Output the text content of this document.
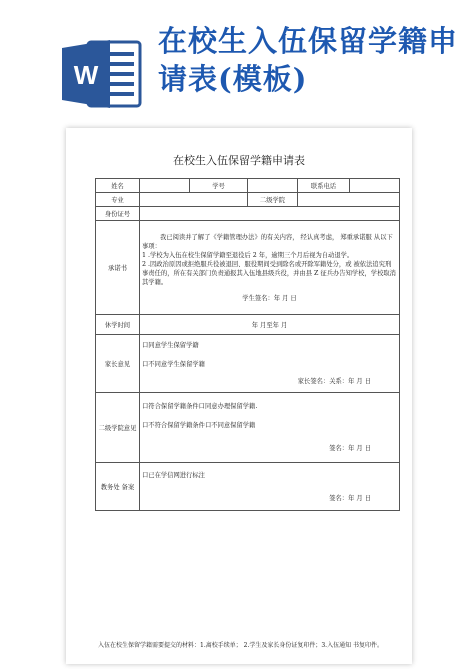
W
在校生入伍保留学籍申请表(模板)
在校生入伍保留学籍申请表
姓名		学号		联系电话	
专业			二级学院		
身份证号					
承诺书	我已阅读并了解了《学籍管理办法》的有关内容， 经认真考虑， 郑重承诺服 从以下事项：
1 .学校为入伍在校生保留学籍至退役后 2 年，逾期三个月后视为自动退学。
2 .因政治原因或拒绝服兵役被退回、服役期间受到除名或开除军籍处分，或 被依法追究刑事责任的，所在有关部门负责通报其入伍地县级兵役，并由县 Z 征兵办告知学校，学校取消其学籍。
学生签名：年 月 日				

休学时间	年 月至年 月				
家长意见	口同意学生保留学籍
口不同意学生保留学籍
家长签名：关系：年 月 日				

二级学院意见	口符合保留学籍条件口同意办理保留学籍.
口不符合保留学籍条件口不同意保留学籍
签名：年 月 日				

教务处 备案	口已在学信网进行标注
签名：年 月 日				
入伍在校生保留学籍需要提交的材料：1.离校手续单； 2.学生及家长身份证复印件；3.入伍通知 书复印件。
